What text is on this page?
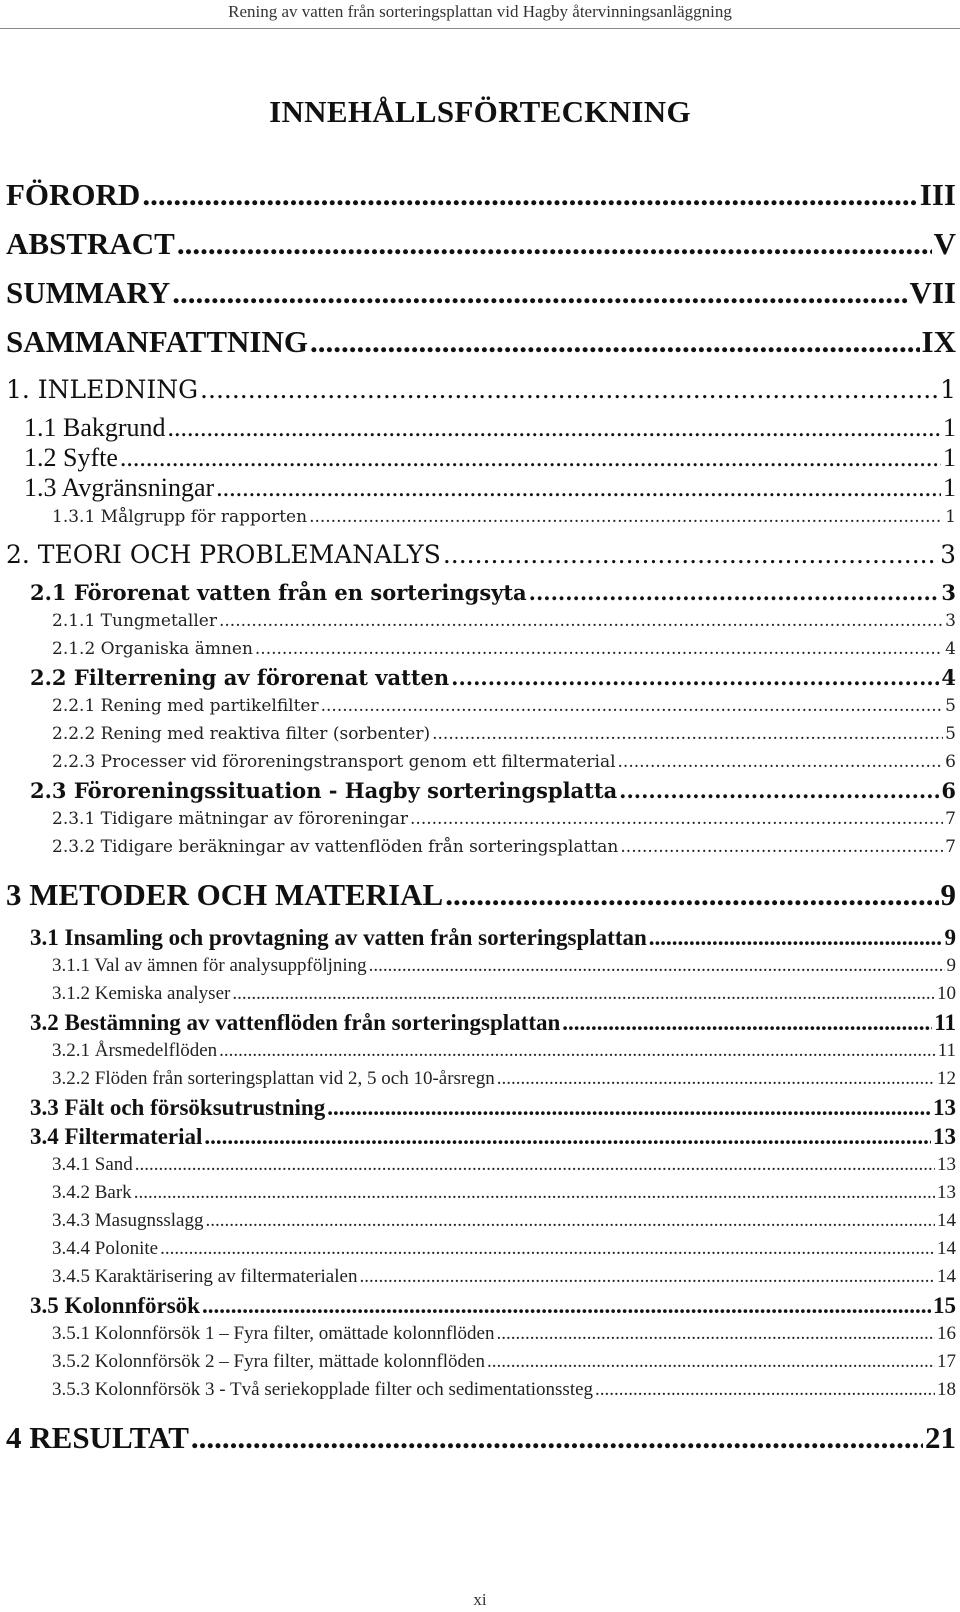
Rening av vatten från sorteringsplattan vid Hagby återvinningsanläggning
INNEHÅLLSFÖRTECKNING
FÖRORD .....	III
ABSTRACT .....	V
SUMMARY .....	VII
SAMMANFATTNING .....	IX
1. INLEDNING .....	1
1.1 Bakgrund .....	1
1.2 Syfte .....	1
1.3 Avgränsningar .....	1
1.3.1 Målgrupp för rapporten .....	1
2. TEORI OCH PROBLEMANALYS .....	3
2.1 Förorenat vatten från en sorteringsyta .....	3
2.1.1 Tungmetaller .....	3
2.1.2 Organiska ämnen .....	4
2.2 Filterrening av förorenat vatten .....	4
2.2.1 Rening med partikelfilter .....	5
2.2.2 Rening med reaktiva filter (sorbenter) .....	5
2.2.3 Processer vid föroreningstransport genom ett filtermaterial .....	6
2.3 Föroreningssituation - Hagby sorteringsplatta .....	6
2.3.1 Tidigare mätningar av föroreningar .....	7
2.3.2 Tidigare beräkningar av vattenflöden från sorteringsplattan .....	7
3 METODER OCH MATERIAL .....	9
3.1 Insamling och provtagning av vatten från sorteringsplattan .....	9
3.1.1 Val av ämnen för analysuppföljning .....	9
3.1.2 Kemiska analyser .....	10
3.2 Bestämning av vattenflöden från sorteringsplattan .....	11
3.2.1 Årsmedelflöden .....	11
3.2.2 Flöden från sorteringsplattan vid 2, 5 och 10-årsregn .....	12
3.3 Fält och försöksutrustning .....	13
3.4 Filtermaterial .....	13
3.4.1 Sand .....	13
3.4.2 Bark .....	13
3.4.3 Masugnsslagg .....	14
3.4.4 Polonite .....	14
3.4.5 Karaktärisering av filtermaterialen .....	14
3.5 Kolonnförsök .....	15
3.5.1 Kolonnförsök 1 – Fyra filter, omättade kolonnflöden .....	16
3.5.2 Kolonnförsök 2 – Fyra filter, mättade kolonnflöden .....	17
3.5.3 Kolonnförsök 3 - Två seriekopplade filter och sedimentationssteg .....	18
4 RESULTAT .....	21
xi
